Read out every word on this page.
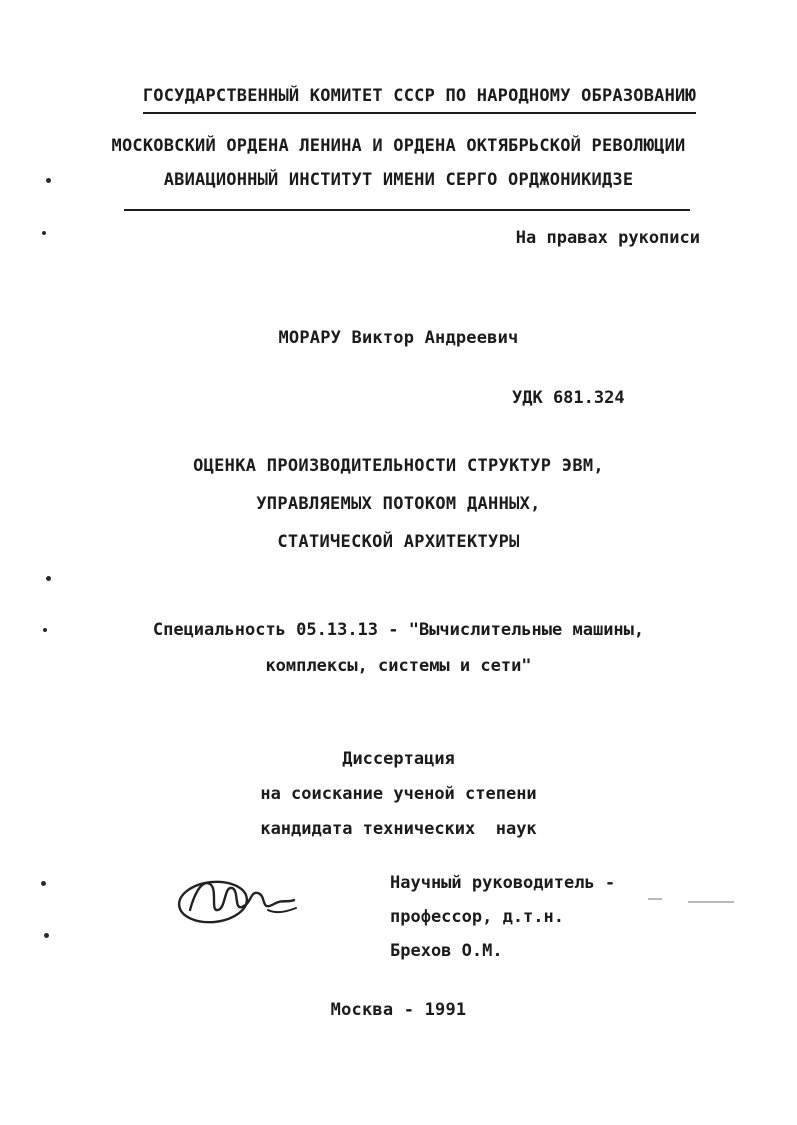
ГОСУДАРСТВЕННЫЙ КОМИТЕТ СССР ПО НАРОДНОМУ ОБРАЗОВАНИЮ

МОСКОВСКИЙ ОРДЕНА ЛЕНИНА И ОРДЕНА ОКТЯБРЬСКОЙ РЕВОЛЮЦИИ
АВИАЦИОННЫЙ ИНСТИТУТ ИМЕНИ СЕРГО ОРДЖОНИКИДЗЕ
На правах рукописи
МОРАРУ Виктор Андреевич
УДК 681.324
ОЦЕНКА ПРОИЗВОДИТЕЛЬНОСТИ СТРУКТУР ЭВМ,
УПРАВЛЯЕМЫХ ПОТОКОМ ДАННЫХ,
СТАТИЧЕСКОЙ АРХИТЕКТУРЫ
Специальность 05.13.13 - "Вычислительные машины,
комплексы, системы и сети"
Диссертация
на соискание ученой степени
кандидата технических  наук
Научный руководитель -
профессор, д.т.н.
Брехов О.М.
Москва - 1991
